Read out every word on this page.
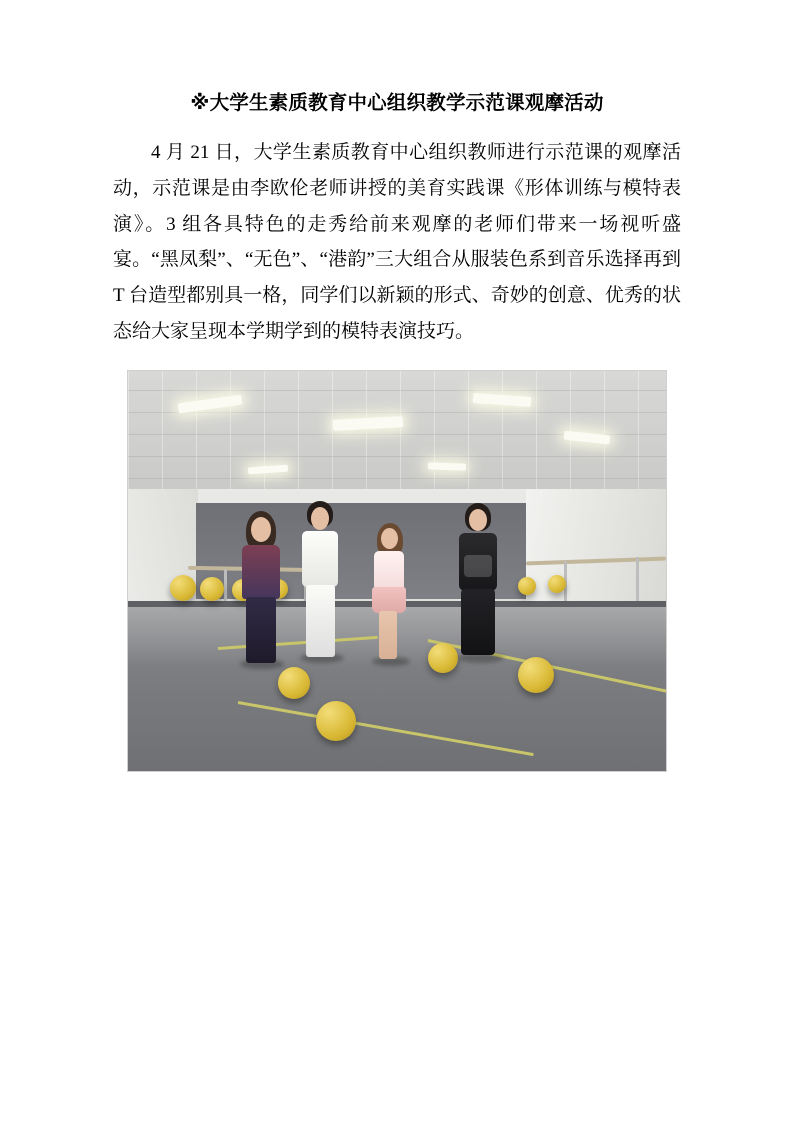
※大学生素质教育中心组织教学示范课观摩活动

4 月 21 日，大学生素质教育中心组织教师进行示范课的观摩活动，示范课是由李欧伦老师讲授的美育实践课《形体训练与模特表演》。3 组各具特色的走秀给前来观摩的老师们带来一场视听盛宴。“黑凤梨”、“无色”、“港韵”三大组合从服装色系到音乐选择再到 T 台造型都别具一格，同学们以新颖的形式、奇妙的创意、优秀的状态给大家呈现本学期学到的模特表演技巧。
